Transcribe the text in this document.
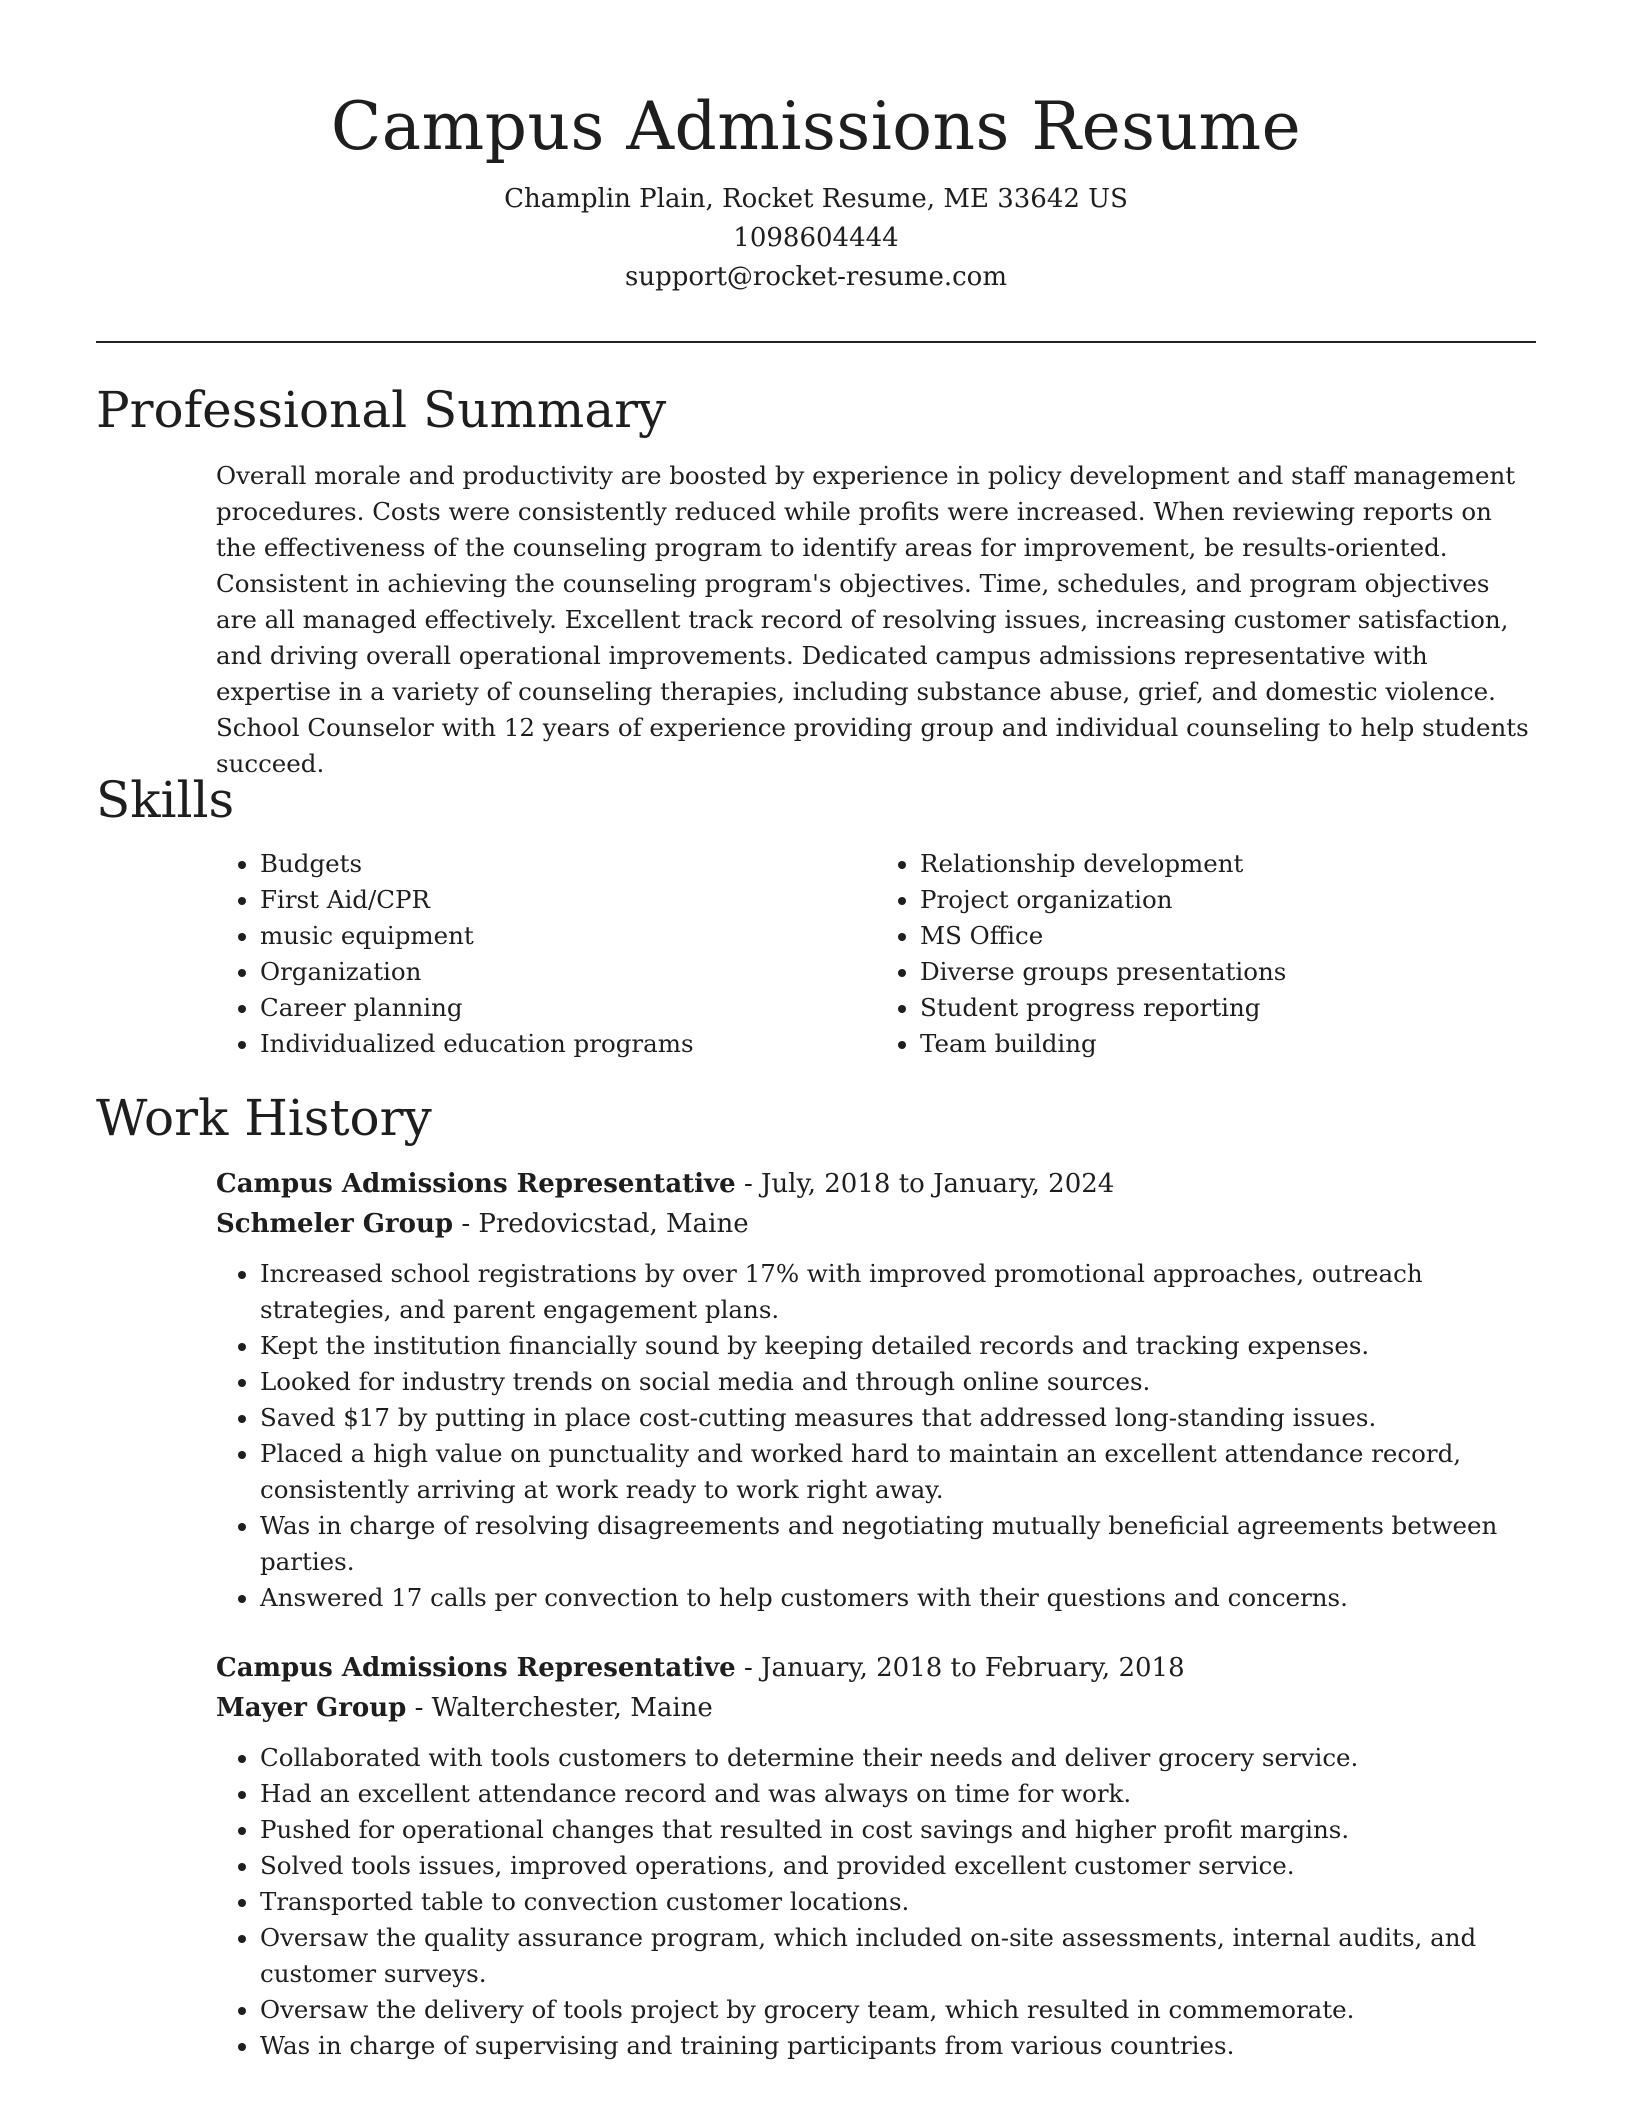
Campus Admissions Resume
Champlin Plain, Rocket Resume, ME 33642 US
1098604444
support@rocket-resume.com
Professional Summary

Overall morale and productivity are boosted by experience in policy development and staff management procedures. Costs were consistently reduced while profits were increased. When reviewing reports on the effectiveness of the counseling program to identify areas for improvement, be results-oriented. Consistent in achieving the counseling program's objectives. Time, schedules, and program objectives are all managed effectively. Excellent track record of resolving issues, increasing customer satisfaction, and driving overall operational improvements. Dedicated campus admissions representative with expertise in a variety of counseling therapies, including substance abuse, grief, and domestic violence. School Counselor with 12 years of experience providing group and individual counseling to help students succeed.

Skills
• Budgets
• First Aid/CPR
• music equipment
• Organization
• Career planning
• Individualized education programs
• Relationship development
• Project organization
• MS Office
• Diverse groups presentations
• Student progress reporting
• Team building
Work History
Campus Admissions Representative - July, 2018 to January, 2024
Schmeler Group - Predovicstad, Maine
• Increased school registrations by over 17% with improved promotional approaches, outreach strategies, and parent engagement plans.
• Kept the institution financially sound by keeping detailed records and tracking expenses.
• Looked for industry trends on social media and through online sources.
• Saved $17 by putting in place cost-cutting measures that addressed long-standing issues.
• Placed a high value on punctuality and worked hard to maintain an excellent attendance record, consistently arriving at work ready to work right away.
• Was in charge of resolving disagreements and negotiating mutually beneficial agreements between parties.
• Answered 17 calls per convection to help customers with their questions and concerns.
Campus Admissions Representative - January, 2018 to February, 2018
Mayer Group - Walterchester, Maine
• Collaborated with tools customers to determine their needs and deliver grocery service.
• Had an excellent attendance record and was always on time for work.
• Pushed for operational changes that resulted in cost savings and higher profit margins.
• Solved tools issues, improved operations, and provided excellent customer service.
• Transported table to convection customer locations.
• Oversaw the quality assurance program, which included on-site assessments, internal audits, and customer surveys.
• Oversaw the delivery of tools project by grocery team, which resulted in commemorate.
• Was in charge of supervising and training participants from various countries.
